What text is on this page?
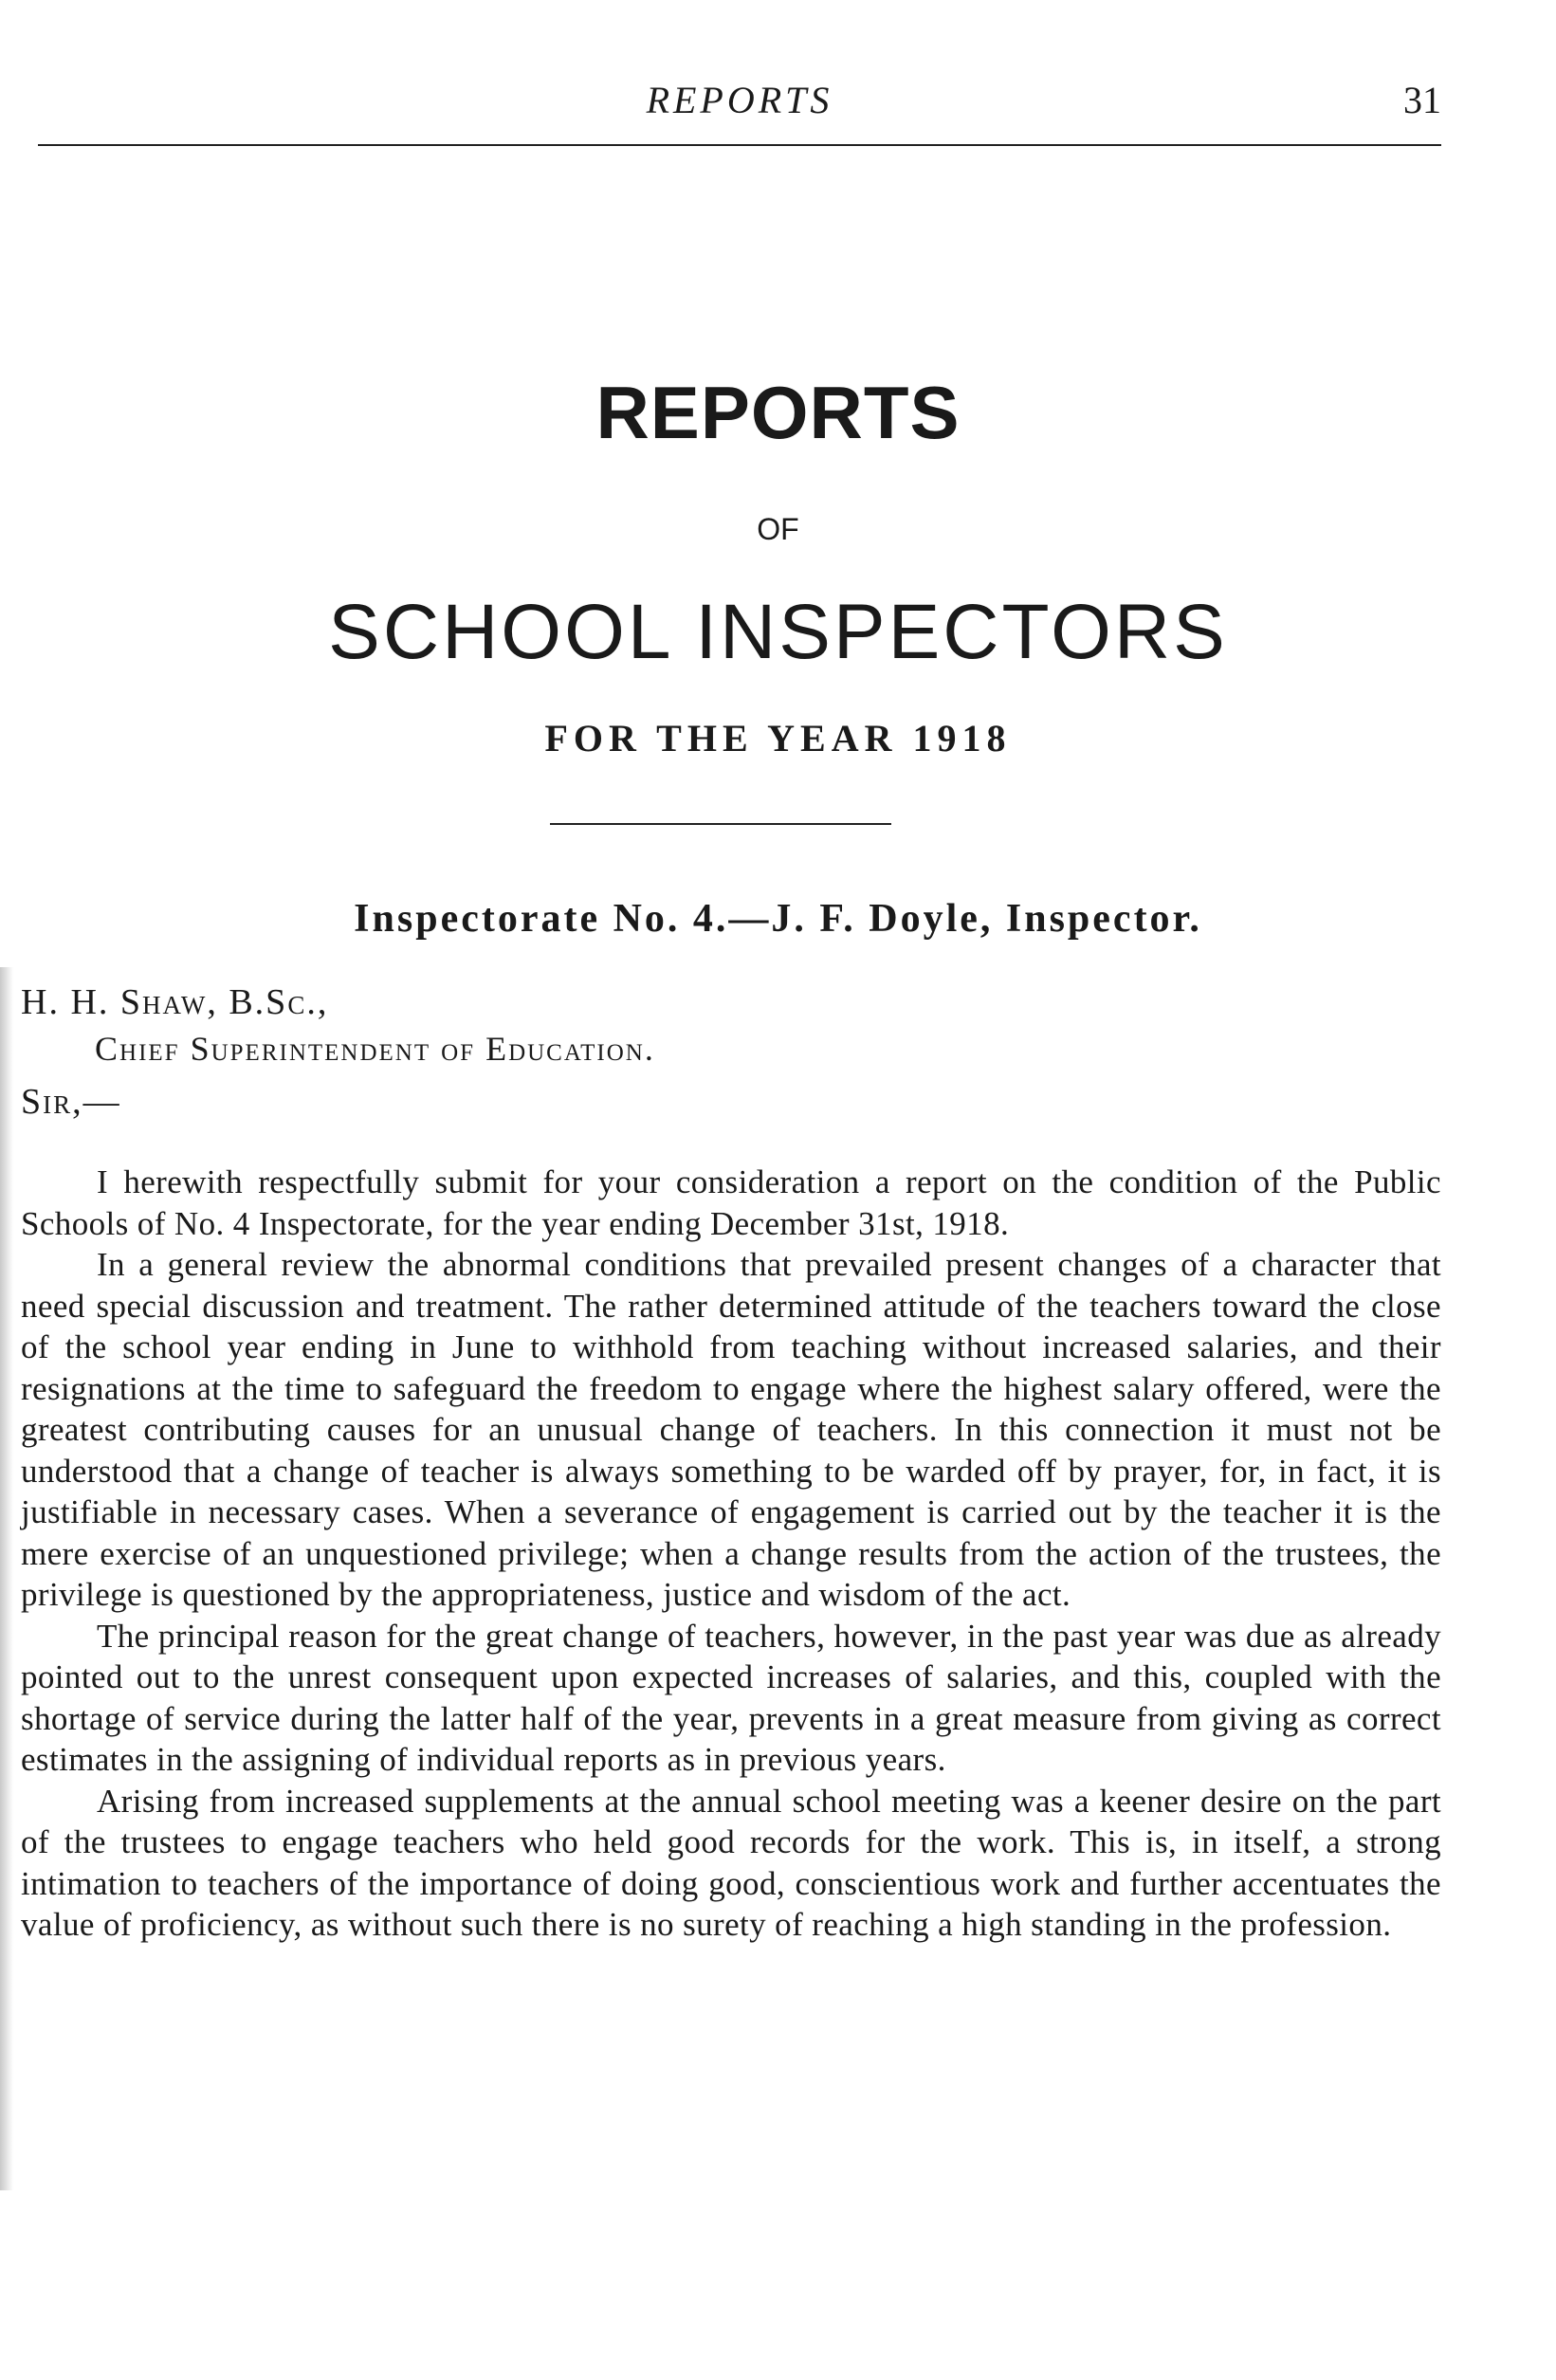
REPORTS	31
REPORTS
OF
SCHOOL INSPECTORS
FOR THE YEAR 1918
Inspectorate No. 4.—J. F. Doyle, Inspector.
H. H. Shaw, B.Sc.,
Chief Superintendent of Education.
Sir,—

I herewith respectfully submit for your consideration a report on the condition of the Public Schools of No. 4 Inspectorate, for the year ending December 31st, 1918.

In a general review the abnormal conditions that prevailed present changes of a character that need special discussion and treatment. The rather determined attitude of the teachers toward the close of the school year ending in June to withhold from teaching without increased salaries, and their resignations at the time to safeguard the freedom to engage where the highest salary offered, were the greatest contributing causes for an unusual change of teachers. In this connection it must not be understood that a change of teacher is always something to be warded off by prayer, for, in fact, it is justifiable in necessary cases. When a severance of engagement is carried out by the teacher it is the mere exercise of an unquestioned privilege; when a change results from the action of the trustees, the privilege is questioned by the appropriateness, justice and wisdom of the act.

The principal reason for the great change of teachers, however, in the past year was due as already pointed out to the unrest consequent upon expected increases of salaries, and this, coupled with the shortage of service during the latter half of the year, prevents in a great measure from giving as correct estimates in the assigning of individual reports as in previous years.

Arising from increased supplements at the annual school meeting was a keener desire on the part of the trustees to engage teachers who held good records for the work. This is, in itself, a strong intimation to teachers of the importance of doing good, conscientious work and further accentuates the value of proficiency, as without such there is no surety of reaching a high standing in the profession.
